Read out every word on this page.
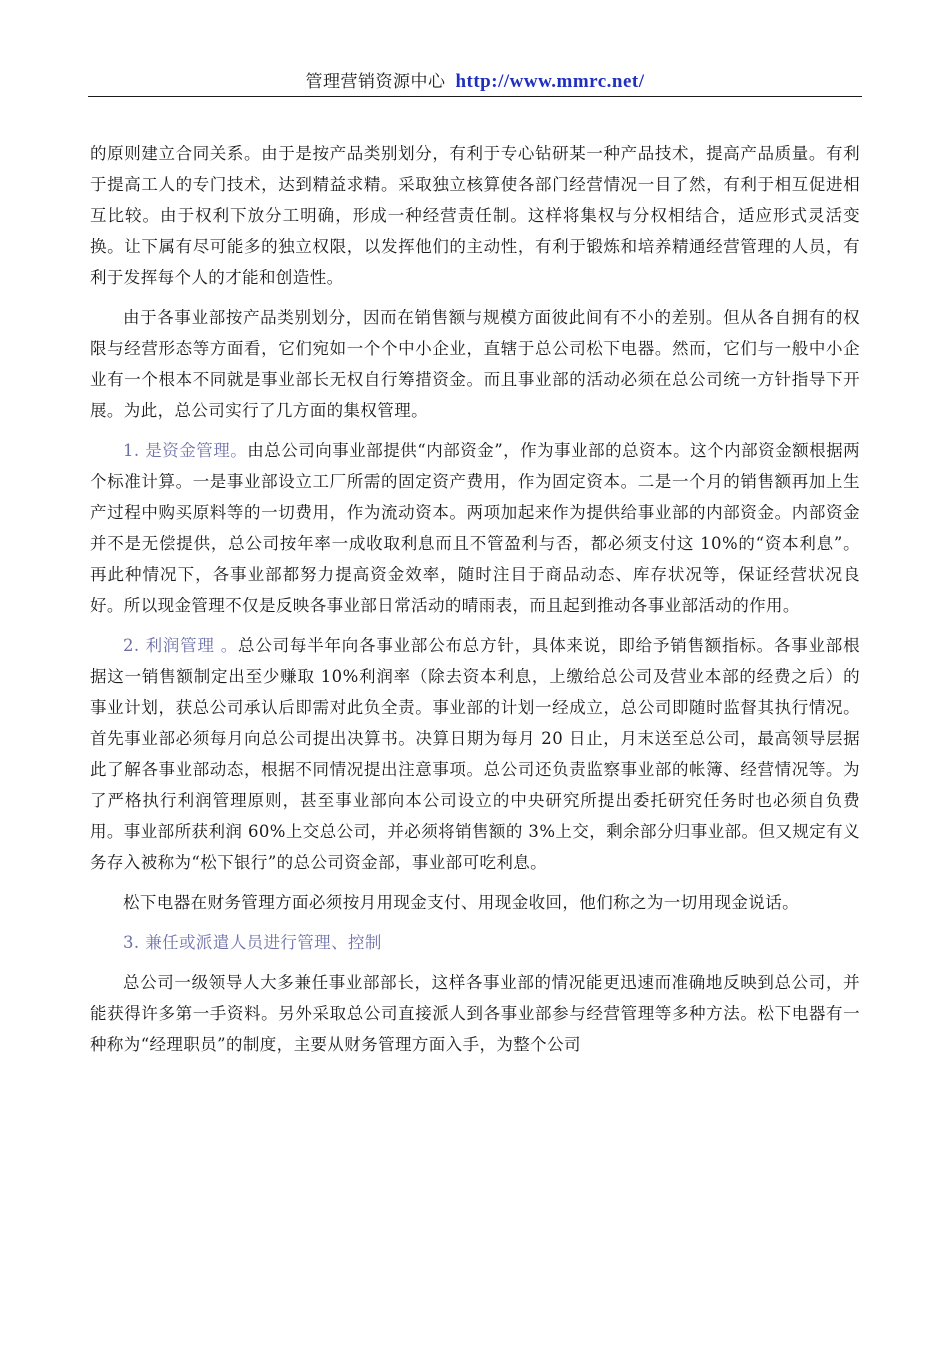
管理营销资源中心 http://www.mmrc.net/

的原则建立合同关系。由于是按产品类别划分，有利于专心钻研某一种产品技术，提高产品质量。有利于提高工人的专门技术，达到精益求精。采取独立核算使各部门经营情况一目了然，有利于相互促进相互比较。由于权利下放分工明确，形成一种经营责任制。这样将集权与分权相结合，适应形式灵活变换。让下属有尽可能多的独立权限，以发挥他们的主动性，有利于锻炼和培养精通经营管理的人员，有利于发挥每个人的才能和创造性。

由于各事业部按产品类别划分，因而在销售额与规模方面彼此间有不小的差别。但从各自拥有的权限与经营形态等方面看，它们宛如一个个中小企业，直辖于总公司松下电器。然而，它们与一般中小企业有一个根本不同就是事业部长无权自行筹措资金。而且事业部的活动必须在总公司统一方针指导下开展。为此，总公司实行了几方面的集权管理。

1. 是资金管理。由总公司向事业部提供“内部资金”，作为事业部的总资本。这个内部资金额根据两个标准计算。一是事业部设立工厂所需的固定资产费用，作为固定资本。二是一个月的销售额再加上生产过程中购买原料等的一切费用，作为流动资本。两项加起来作为提供给事业部的内部资金。内部资金并不是无偿提供，总公司按年率一成收取利息而且不管盈利与否，都必须支付这 10%的“资本利息”。再此种情况下，各事业部都努力提高资金效率，随时注目于商品动态、库存状况等，保证经营状况良好。所以现金管理不仅是反映各事业部日常活动的晴雨表，而且起到推动各事业部活动的作用。

2. 利润管理 。总公司每半年向各事业部公布总方针，具体来说，即给予销售额指标。各事业部根据这一销售额制定出至少赚取 10%利润率（除去资本利息，上缴给总公司及营业本部的经费之后）的事业计划，获总公司承认后即需对此负全责。事业部的计划一经成立，总公司即随时监督其执行情况。首先事业部必须每月向总公司提出决算书。决算日期为每月 20 日止，月末送至总公司，最高领导层据此了解各事业部动态，根据不同情况提出注意事项。总公司还负责监察事业部的帐簿、经营情况等。为了严格执行利润管理原则，甚至事业部向本公司设立的中央研究所提出委托研究任务时也必须自负费用。事业部所获利润 60%上交总公司，并必须将销售额的 3%上交，剩余部分归事业部。但又规定有义务存入被称为“松下银行”的总公司资金部，事业部可吃利息。

松下电器在财务管理方面必须按月用现金支付、用现金收回，他们称之为一切用现金说话。

3. 兼任或派遣人员进行管理、控制

总公司一级领导人大多兼任事业部部长，这样各事业部的情况能更迅速而准确地反映到总公司，并能获得许多第一手资料。另外采取总公司直接派人到各事业部参与经营管理等多种方法。松下电器有一种称为“经理职员”的制度，主要从财务管理方面入手，为整个公司
